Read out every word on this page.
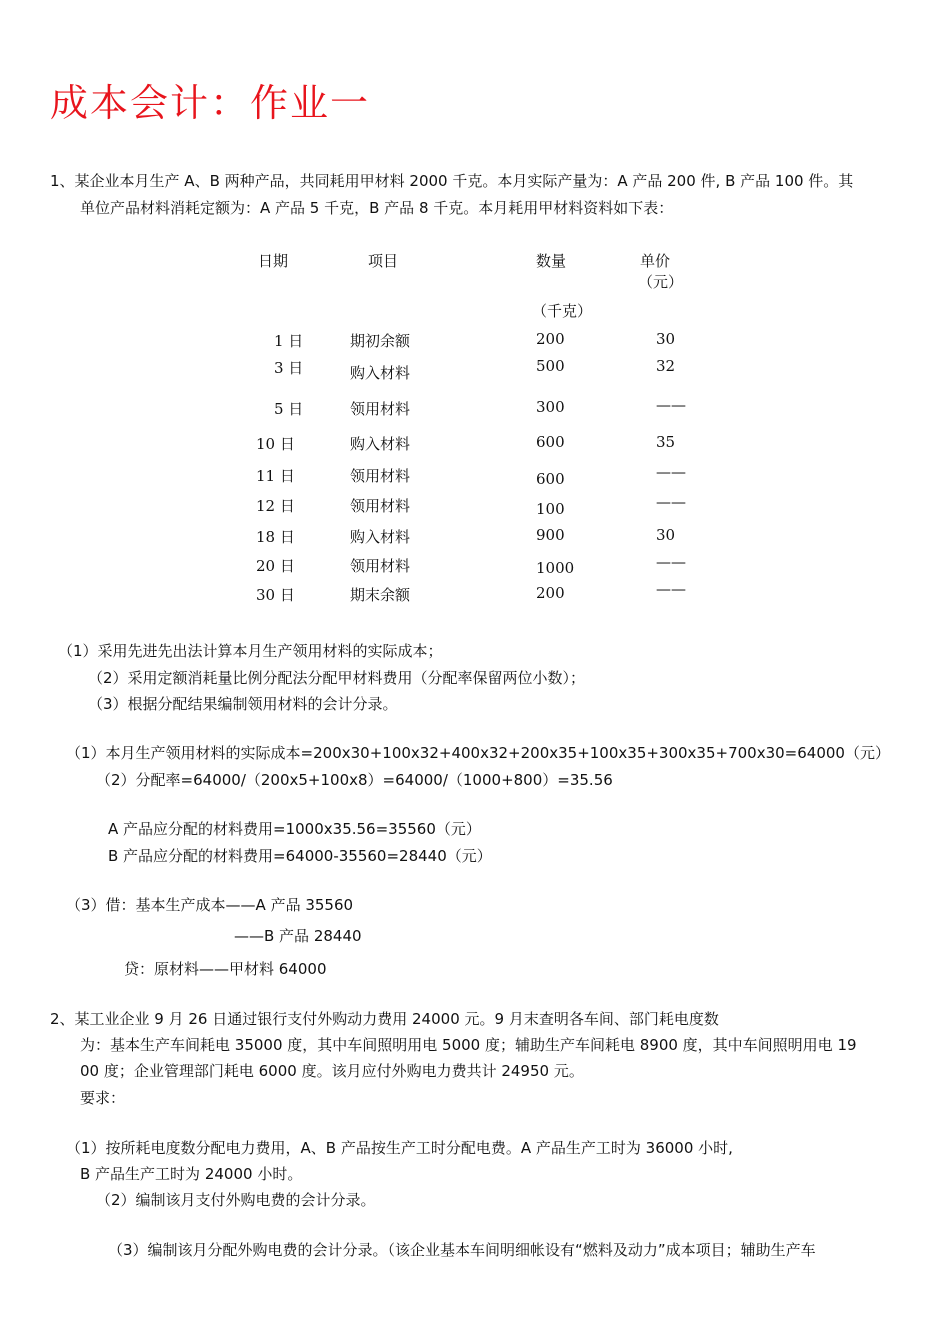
成本会计：作业一
1、某企业本月生产 A、B 两种产品，共同耗用甲材料 2000 千克。本月实际产量为：A 产品 200 件, B 产品 100 件。其
单位产品材料消耗定额为：A 产品 5 千克，B 产品 8 千克。本月耗用甲材料资料如下表：
日期	项目	数量	单价
（元）
（千克）
1 日	期初余额	200	30
3 日	购入材料	500	32
5 日	领用材料	300	——
10 日	购入材料	600	35
11 日	领用材料	600	——
12 日	领用材料	100	——
18 日	购入材料	900	30
20 日	领用材料	1000	——
30 日	期末余额	200	——
（1）采用先进先出法计算本月生产领用材料的实际成本；
（2）采用定额消耗量比例分配法分配甲材料费用（分配率保留两位小数）；
（3）根据分配结果编制领用材料的会计分录。
（1）本月生产领用材料的实际成本=200x30+100x32+400x32+200x35+100x35+300x35+700x30=64000（元）
（2）分配率=64000/（200x5+100x8）=64000/（1000+800）=35.56
A 产品应分配的材料费用=1000x35.56=35560（元）
B 产品应分配的材料费用=64000-35560=28440（元）
（3）借：基本生产成本——A 产品 35560
——B 产品 28440
贷：原材料——甲材料 64000
2、某工业企业 9 月 26 日通过银行支付外购动力费用 24000 元。9 月末查明各车间、部门耗电度数
为：基本生产车间耗电 35000 度，其中车间照明用电 5000 度；辅助生产车间耗电 8900 度，其中车间照明用电 19
00 度；企业管理部门耗电 6000 度。该月应付外购电力费共计 24950 元。
要求：
（1）按所耗电度数分配电力费用，A、B 产品按生产工时分配电费。A 产品生产工时为 36000 小时,
B 产品生产工时为 24000 小时。
（2）编制该月支付外购电费的会计分录。
（3）编制该月分配外购电费的会计分录。（该企业基本车间明细帐设有“燃料及动力”成本项目；辅助生产车
